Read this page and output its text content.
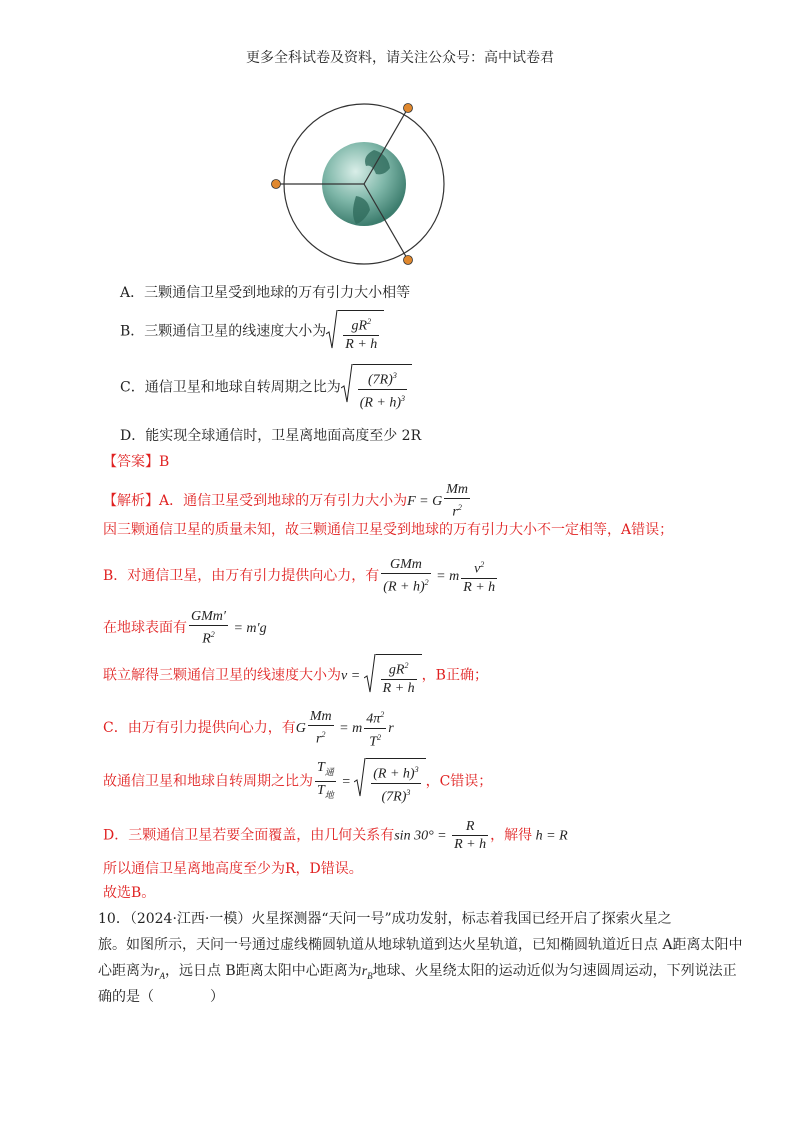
更多全科试卷及资料，请关注公众号：高中试卷君
A．三颗通信卫星受到地球的万有引力大小相等
B．三颗通信卫星的线速度大小为 $\frac{gR^2}{R + h}$
C．通信卫星和地球自转周期之比为 $\frac{(7R)^3}{(R + h)^3}$
D．能实现全球通信时，卫星离地面高度至少 2R
【答案】B
【解析】A．通信卫星受到地球的万有引力大小为F = G $\frac{Mm}{r^2}$
因三颗通信卫星的质量未知，故三颗通信卫星受到地球的万有引力大小不一定相等，A错误；
B．对通信卫星，由万有引力提供向心力，有 $\frac{\text{GMm}}{(R + h)^2} = m \frac{v^2}{R + h}$
在地球表面有 $\frac{\text{GMm′}}{R^2} = m'g$
联立解得三颗通信卫星的线速度大小为$v = \frac{gR^2}{R + h}$ ，B正确；
C．由万有引力提供向心力，有G $\frac{Mm}{r^2} = m \frac{4\pi^2}{T^2}$ r
故通信卫星和地球自转周期之比为 $\frac{T_通}{T_地} = \frac{(R + h)^3}{(7R)^3}$ ，C错误；
D．三颗通信卫星若要全面覆盖，由几何关系有$\sin 30^\circ = \frac{R}{R + h}$ ，解得 h = R
所以通信卫星离地高度至少为R，D错误。
故选B。
10．（2024·江西·一模）火星探测器“天问一号”成功发射，标志着我国已经开启了探索火星之
旅。如图所示，天问一号通过虚线椭圆轨道从地球轨道到达火星轨道，已知椭圆轨道近日点 A距离太阳中
心距离为$r_A$，远日点 B距离太阳中心距离为$r_B$地球、火星绕太阳的运动近似为匀速圆周运动，下列说法正
确的是（　　　　）
